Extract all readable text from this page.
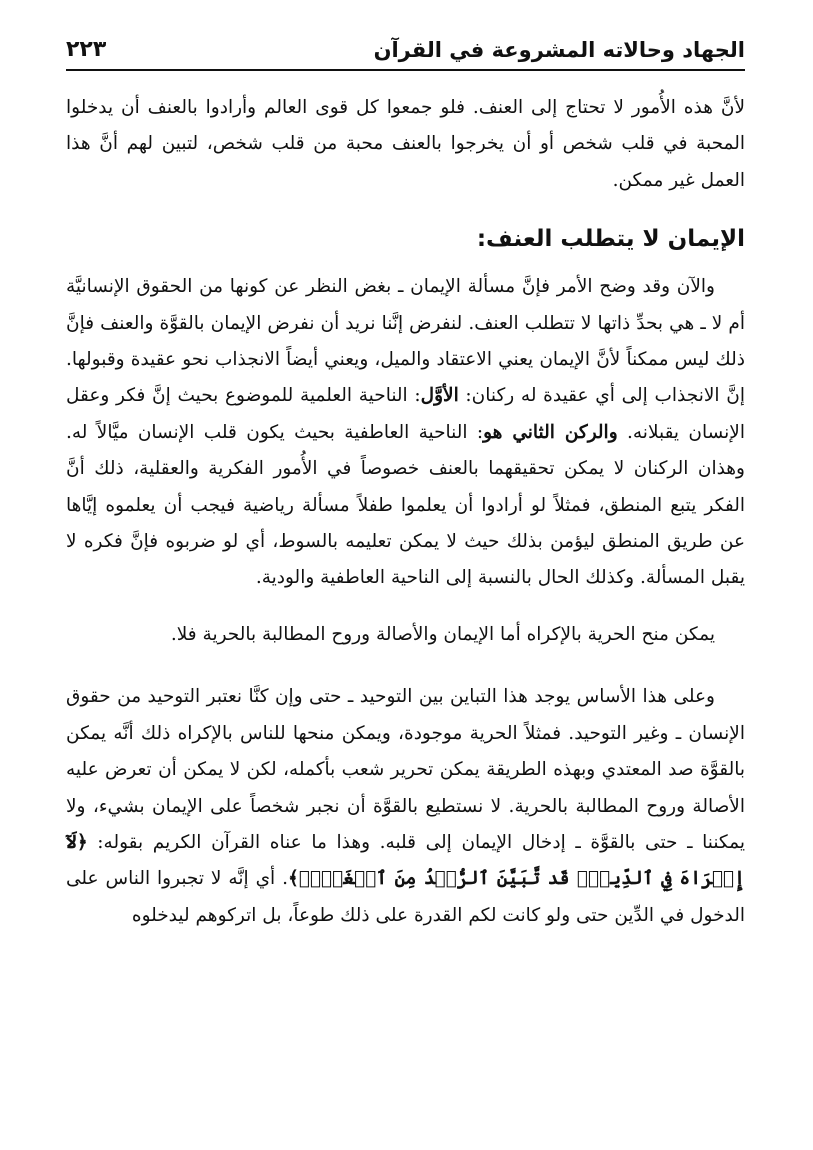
الجهاد وحالاته المشروعة في القرآن
٢٢٣

لأنَّ هذه الأُمور لا تحتاج إلى العنف. فلو جمعوا كل قوى العالم وأرادوا بالعنف أن يدخلوا المحبة في قلب شخص أو أن يخرجوا بالعنف محبة من قلب شخص، لتبين لهم أنَّ هذا العمل غير ممكن.

الإيمان لا يتطلب العنف:

والآن وقد وضح الأمر فإنَّ مسألة الإيمان ـ بغض النظر عن كونها من الحقوق الإنسانيَّة أم لا ـ هي بحدِّ ذاتها لا تتطلب العنف. لنفرض إنَّنا نريد أن نفرض الإيمان بالقوَّة والعنف فإنَّ ذلك ليس ممكناً لأنَّ الإيمان يعني الاعتقاد والميل، ويعني أيضاً الانجذاب نحو عقيدة وقبولها. إنَّ الانجذاب إلى أي عقيدة له ركنان: الأوَّل: الناحية العلمية للموضوع بحيث إنَّ فكر وعقل الإنسان يقبلانه. والركن الثاني هو: الناحية العاطفية بحيث يكون قلب الإنسان ميَّالاً له. وهذان الركنان لا يمكن تحقيقهما بالعنف خصوصاً في الأُمور الفكرية والعقلية، ذلك أنَّ الفكر يتبع المنطق، فمثلاً لو أرادوا أن يعلموا طفلاً مسألة رياضية فيجب أن يعلموه إيَّاها عن طريق المنطق ليؤمن بذلك حيث لا يمكن تعليمه بالسوط، أي لو ضربوه فإنَّ فكره لا يقبل المسألة. وكذلك الحال بالنسبة إلى الناحية العاطفية والودية.

يمكن منح الحرية بالإكراه أما الإيمان والأصالة وروح المطالبة بالحرية فلا.

وعلى هذا الأساس يوجد هذا التباين بين التوحيد ـ حتى وإن كنَّا نعتبر التوحيد من حقوق الإنسان ـ وغير التوحيد. فمثلاً الحرية موجودة، ويمكن منحها للناس بالإكراه ذلك أنَّه يمكن بالقوَّة صد المعتدي وبهذه الطريقة يمكن تحرير شعب بأكمله، لكن لا يمكن أن تعرض عليه الأصالة وروح المطالبة بالحرية. لا نستطيع بالقوَّة أن نجبر شخصاً على الإيمان بشيء، ولا يمكننا ـ حتى بالقوَّة ـ إدخال الإيمان إلى قلبه. وهذا ما عناه القرآن الكريم بقوله: ﴿لَآ إِكۡرَاهَ فِي ٱلدِّينِۖ قَد تَّبَيَّنَ ٱلرُّشۡدُ مِنَ ٱلۡغَيِّۚ﴾. أي إنَّه لا تجبروا الناس على الدخول في الدِّين حتى ولو كانت لكم القدرة على ذلك طوعاً، بل اتركوهم ليدخلوه
